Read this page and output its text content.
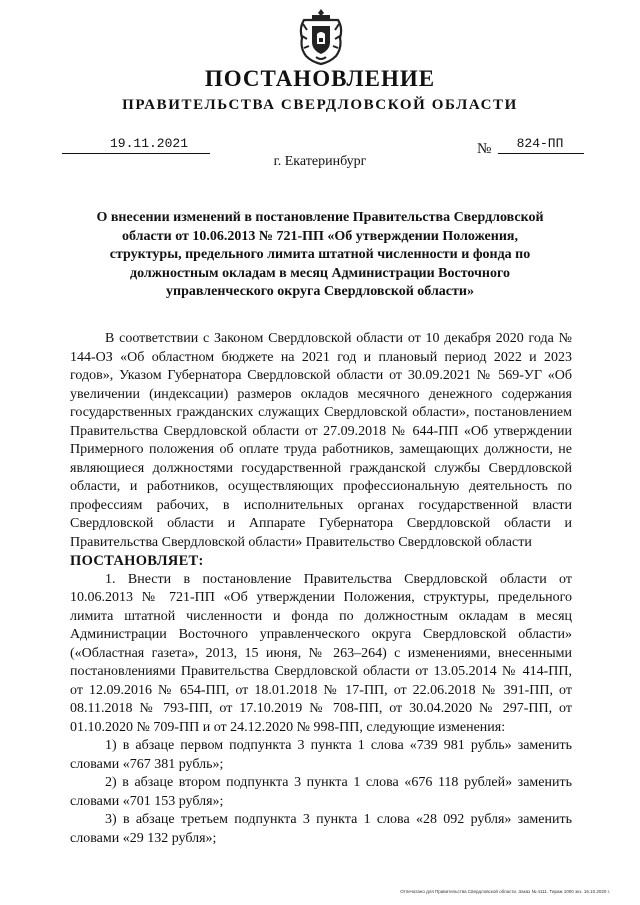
ПОСТАНОВЛЕНИЕ
ПРАВИТЕЛЬСТВА СВЕРДЛОВСКОЙ ОБЛАСТИ
19.11.2021	№	824-ПП
г. Екатеринбург
О внесении изменений в постановление Правительства Свердловской области от 10.06.2013 № 721-ПП «Об утверждении Положения, структуры, предельного лимита штатной численности и фонда по должностным окладам в месяц Администрации Восточного управленческого округа Свердловской области»

В соответствии с Законом Свердловской области от 10 декабря 2020 года № 144-ОЗ «Об областном бюджете на 2021 год и плановый период 2022 и 2023 годов», Указом Губернатора Свердловской области от 30.09.2021 № 569-УГ «Об увеличении (индексации) размеров окладов месячного денежного содержания государственных гражданских служащих Свердловской области», постановлением Правительства Свердловской области от 27.09.2018 № 644-ПП «Об утверждении Примерного положения об оплате труда работников, замещающих должности, не являющиеся должностями государственной гражданской службы Свердловской области, и работников, осуществляющих профессиональную деятельность по профессиям рабочих, в исполнительных органах государственной власти Свердловской области и Аппарате Губернатора Свердловской области и Правительства Свердловской области» Правительство Свердловской области

ПОСТАНОВЛЯЕТ:

1. Внести в постановление Правительства Свердловской области от 10.06.2013 № 721-ПП «Об утверждении Положения, структуры, предельного лимита штатной численности и фонда по должностным окладам в месяц Администрации Восточного управленческого округа Свердловской области» («Областная газета», 2013, 15 июня, № 263–264) с изменениями, внесенными постановлениями Правительства Свердловской области от 13.05.2014 № 414-ПП, от 12.09.2016 № 654-ПП, от 18.01.2018 № 17-ПП, от 22.06.2018 № 391-ПП, от 08.11.2018 № 793-ПП, от 17.10.2019 № 708-ПП, от 30.04.2020 № 297-ПП, от 01.10.2020 № 709-ПП и от 24.12.2020 № 998-ПП, следующие изменения:

1) в абзаце первом подпункта 3 пункта 1 слова «739 981 рубль» заменить словами «767 381 рубль»;

2) в абзаце втором подпункта 3 пункта 1 слова «676 118 рублей» заменить словами «701 153 рубля»;

3) в абзаце третьем подпункта 3 пункта 1 слова «28 092 рубля» заменить словами «29 132 рубля»;

Отпечатано для Правительства Свердловской области. Заказ № 4111. Тираж 1000 экз. 16.10.2020 г.
